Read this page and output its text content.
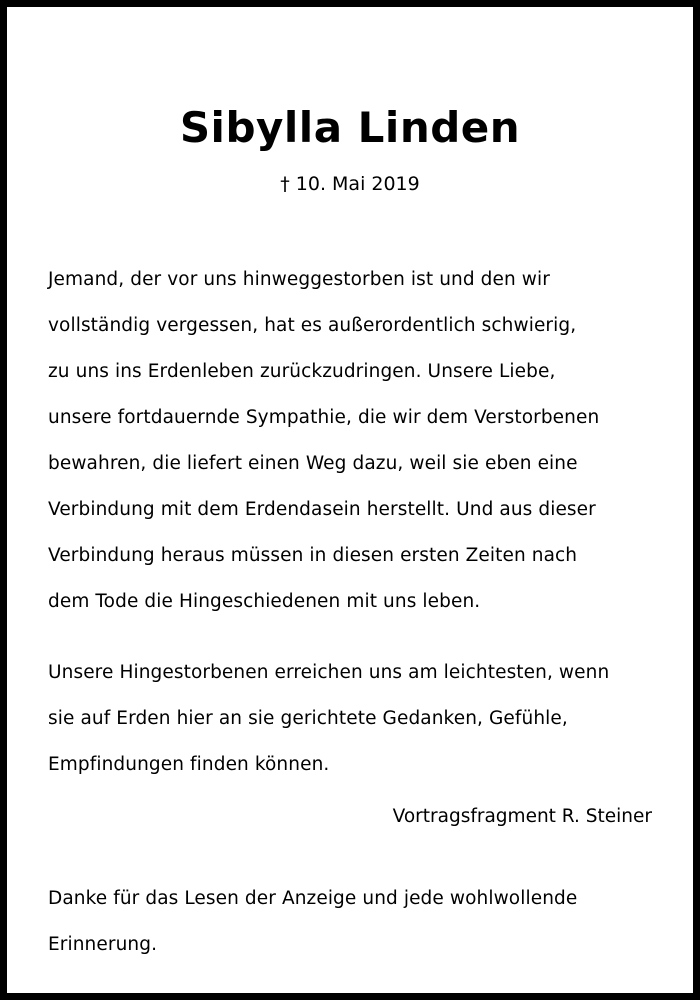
Sibylla Linden
† 10. Mai 2019
Jemand, der vor uns hinweggestorben ist und den wir
vollständig vergessen, hat es außerordentlich schwierig,
zu uns ins Erdenleben zurückzudringen. Unsere Liebe,
unsere fortdauernde Sympathie, die wir dem Verstorbenen
bewahren, die liefert einen Weg dazu, weil sie eben eine
Verbindung mit dem Erdendasein herstellt. Und aus dieser
Verbindung heraus müssen in diesen ersten Zeiten nach
dem Tode die Hingeschiedenen mit uns leben.
Unsere Hingestorbenen erreichen uns am leichtesten, wenn
sie auf Erden hier an sie gerichtete Gedanken, Gefühle,
Empfindungen finden können.
Vortragsfragment R. Steiner
Danke für das Lesen der Anzeige und jede wohlwollende
Erinnerung.
